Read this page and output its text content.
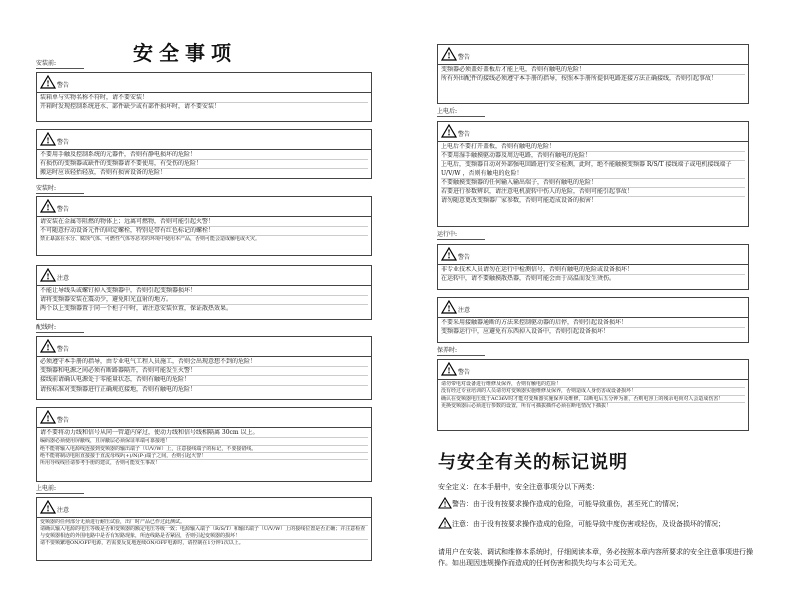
安全事项
安装前:
! 警告
装箱单与实物名称不符时，请不要安装！
开箱时发现控制系统进水、部件缺少或有部件损坏时，请不要安装！
! 警告
不要用手触及控制系统的元器件，否则有静电损坏的危险！
有损伤的变频器或缺件的变频器请不要使用，有受伤的危险！
搬运时应该轻抬轻放，否则有损害设备的危险！
安装时:
! 警告
请安装在金属等阻燃的物体上；远离可燃物，否则可能引起火警！
不可随意拧动设备元件的固定螺栓，特别是带有红色标记的螺栓！
禁止暴露在水分、腐蚀气体、可燃性气体等恶劣的环境中使用本产品，否则可能会造成触电或火灾。
! 注意
不能让导线头或螺钉掉入变频器中，否则引起变频器损坏！
请将变频器安装在震动少，避免阳光直射的地方。
两个以上变频器置于同一个柜子中时，请注意安装位置，保证散热效果。
配线时:
! 警告
必须遵守本手册的指导，由专业电气工程人员施工，否则会出现意想不到的危险！
变频器和电源之间必须有断路器隔开，否则可能发生火警！
接线前请确认电源处于零能量状态，否则有触电的危险！
请按标准对变频器进行正确规范接地，否则有触电的危险！
! 警告
请不要将动力线和信号从同一管道内穿过，使动力线和信号线相隔离 30cm 以上。
编码器必须使用屏蔽线，且屏蔽层必须保证单端可靠接地！
绝不能将输入电源线连接到变频器的输出端子（U/V/W）上，注意接线端子的标记，不要接错线。
绝不能将制动电阻直接接于直流母线P(+)/N(P-)端子之间，否则引起火警！
所用导线线径请参考手册的建议，否则可能发生事故！
上电前:
! 注意
变频器的任何部分无须进行耐压试验，出厂时产品已作过此测试。
请确认输入电源的电压等级是否和变频器的额定电压等级一致；电源输入端子（R/S/T）和输出端子（U/V/W）上的接线位置是否正确；并注意检查与变频器相连的外围电路中是否有短路现象，所连线路是否紧固，否则引起变频器的损坏！
请不要频繁地ON/OFF电源，若需要反复地连续ON/OFF电源时，请控制在1分钟1次以上。
! 警告
变频器必须盖好盖板后才能上电，否则有触电的危险！
所有外围配件的接线必须遵守本手册的指导，按照本手册所提供电路连接方法正确接线，否则引起事故！
上电后:
! 警告
上电后不要打开盖板，否则有触电的危险！
不要用湿手触摸驱动器及周边电路，否则有触电的危险！
上电后，变频器自动对外部强电回路进行安全检测，此时，绝不能触摸变频器 R/S/T 接线端子或电机接线端子 U/V/W ，否则有触电的危险！
不要触摸变频器的任何输入输出端子，否则有触电的危险！
若要进行参数辨识，请注意电机旋转中伤人的危险，否则可能引起事故！
请勿随意更改变频器厂家参数，否则可能造成设备的损害！
运行中:
! 警告
非专业技术人员请勿在运行中检测信号，否则有触电的危险或设备损坏！
在运转中，请不要触摸散热器，否则可能会由于高温而发生烫伤。
! 注意
不要采用接触器通断的方法来控制驱动器的启停，否则引起设备损坏！
变频器运行中，应避免有东西掉入设备中，否则引起设备损坏！
保养时:
! 警告
请勿带电对设备进行维修及保养，否则有触电的危险！
没有经过专业培训的人员请勿对变频器实施维修及保养，否则造成人身伤害或设备损坏！
确认在变频器电压低于AC36V时才能对变频器实施保养及维修，以断电后五分钟为准，否则电容上的残余电荷对人会造成伤害！
更换变频器后必须进行参数的设置，所有可插拔插件必须在断电情况下插拔！
与安全有关的标记说明
安全定义：在本手册中，安全注意事项分以下两类：
! 警告：由于没有按要求操作造成的危险，可能导致重伤，甚至死亡的情况；
! 注意：由于没有按要求操作造成的危险，可能导致中度伤害或轻伤，及设备损坏的情况；
请用户在安装、调试和维修本系统时，仔细阅读本章，务必按照本章内容所要求的安全注意事项进行操作。如出现因违规操作而造成的任何伤害和损失均与本公司无关。
